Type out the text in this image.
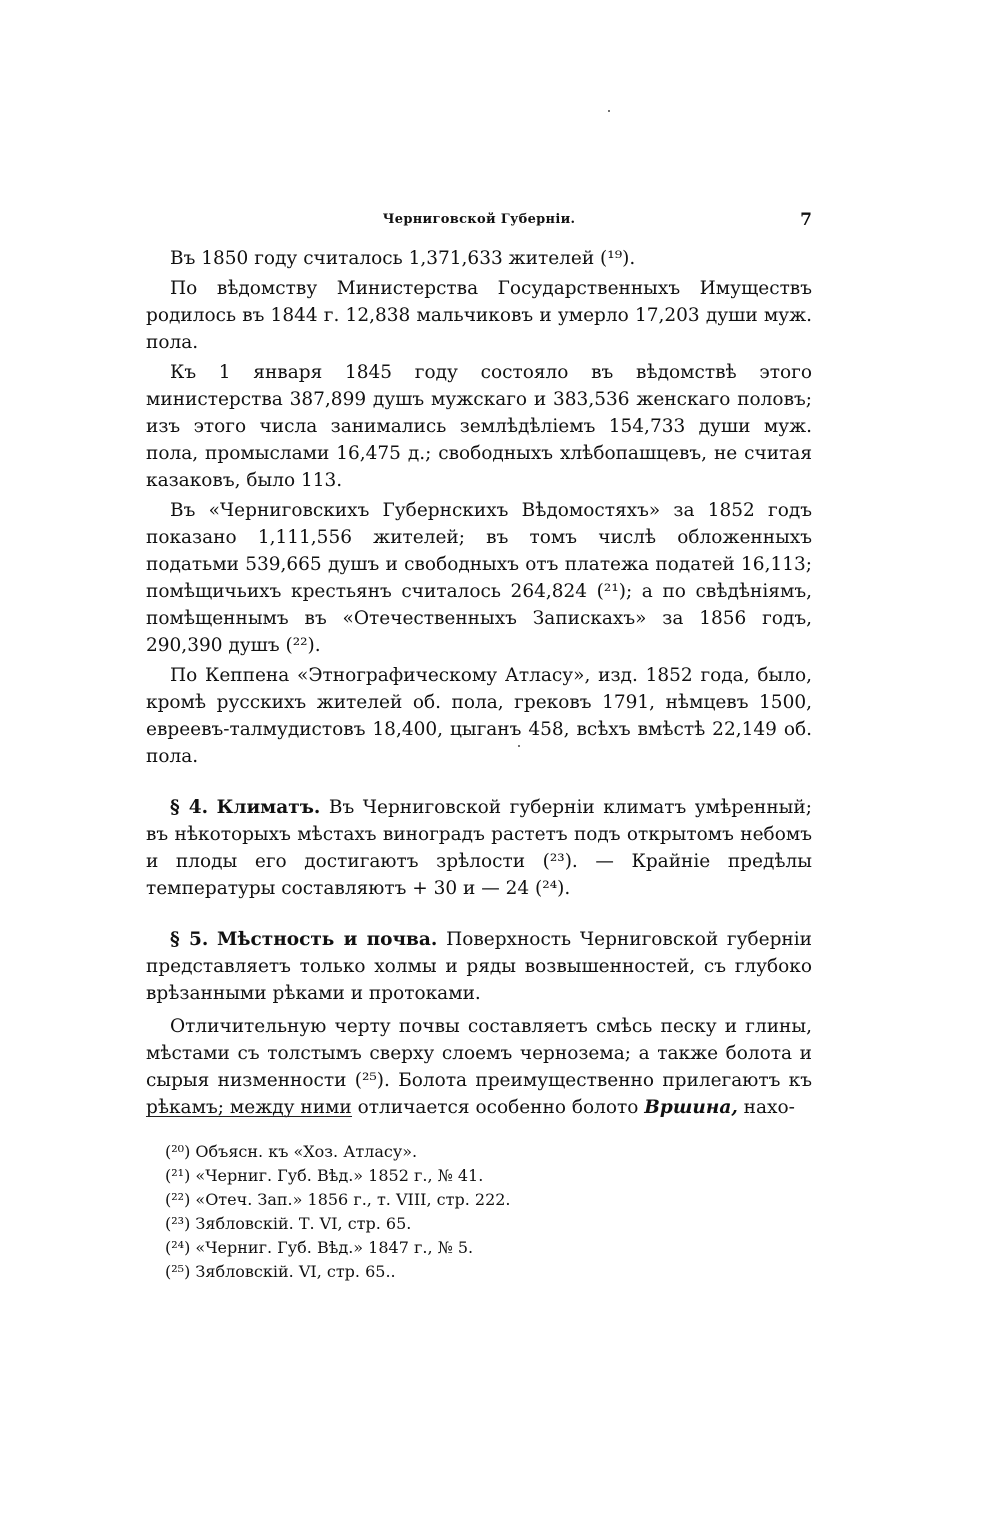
Черниговской Губернiи.	7

Въ 1850 году считалось 1,371,633 жителей (¹⁹).

По вѣдомству Министерства Государственныхъ Имуществъ родилось въ 1844 г. 12,838 мальчиковъ и умерло 17,203 души муж. пола.

Къ 1 января 1845 году состояло въ вѣдомствѣ этого министерства 387,899 душъ мужскаго и 383,536 женскаго половъ; изъ этого числа занимались землѣдѣлiемъ 154,733 души муж. пола, промыслами 16,475 д.; свободныхъ хлѣбопашцевъ, не считая казаковъ, было 113.

Въ «Черниговскихъ Губернскихъ Вѣдомостяхъ» за 1852 годъ показано 1,111,556 жителей; въ томъ числѣ обложенныхъ податьми 539,665 душъ и свободныхъ отъ платежа податей 16,113; помѣщичьихъ крестьянъ считалось 264,824 (²¹); а по свѣдѣнiямъ, помѣщеннымъ въ «Отечественныхъ Запискахъ» за 1856 годъ, 290,390 душъ (²²).

По Кеппена «Этнографическому Атласу», изд. 1852 года, было, кромѣ русскихъ жителей об. пола, грековъ 1791, нѣмцевъ 1500, евреевъ-талмудистовъ 18,400, цыганъ 458, всѣхъ вмѣстѣ 22,149 об. пола.

§ 4. Климатъ. Въ Черниговской губернiи климатъ умѣренный; въ нѣкоторыхъ мѣстахъ виноградъ растетъ подъ открытомъ небомъ и плоды его достигаютъ зрѣлости (²³). — Крайнiе предѣлы температуры составляютъ + 30 и — 24 (²⁴).

§ 5. Мѣстность и почва. Поверхность Черниговской губернiи представляетъ только холмы и ряды возвышенностей, съ глубоко врѣзанными рѣками и протоками.

Отличительную черту почвы составляетъ смѣсь песку и глины, мѣстами съ толстымъ сверху слоемъ чернозема; а также болота и сырыя низменности (²⁵). Болота преимущественно прилегаютъ къ рѣкамъ; между ними отличается особенно болото Вршина, нахо-

(²⁰) Объясн. къ «Хоз. Атласу».
(²¹) «Черниг. Губ. Вѣд.» 1852 г., № 41.
(²²) «Отеч. Зап.» 1856 г., т. VIII, стр. 222.
(²³) Зябловскiй. Т. VI, стр. 65.
(²⁴) «Черниг. Губ. Вѣд.» 1847 г., № 5.
(²⁵) Зябловскiй. VI, стр. 65..
